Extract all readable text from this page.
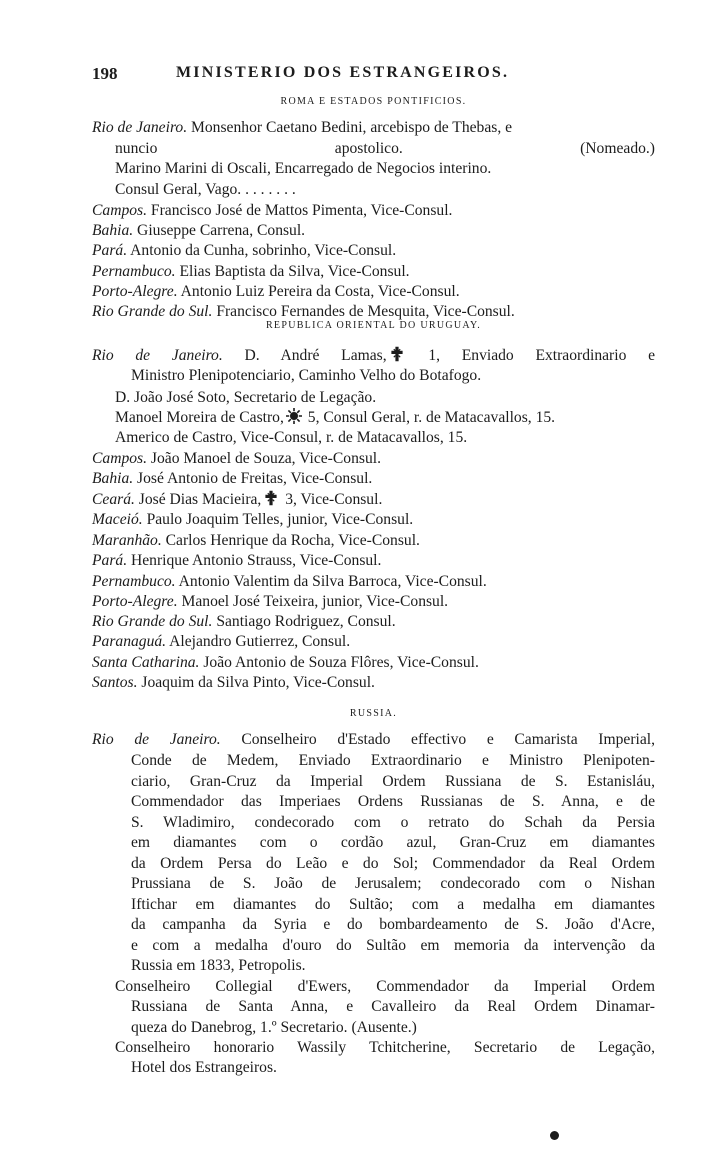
198	MINISTERIO DOS ESTRANGEIROS.
ROMA E ESTADOS PONTIFICIOS.
Rio de Janeiro. Monsenhor Caetano Bedini, arcebispo de Thebas, e
nuncio apostolico. (Nomeado.)
Marino Marini di Oscali, Encarregado de Negocios interino.
Consul Geral, Vago. . . . . . . .
Campos. Francisco José de Mattos Pimenta, Vice-Consul.
Bahia. Giuseppe Carrena, Consul.
Pará. Antonio da Cunha, sobrinho, Vice-Consul.
Pernambuco. Elias Baptista da Silva, Vice-Consul.
Porto-Alegre. Antonio Luiz Pereira da Costa, Vice-Consul.
Rio Grande do Sul. Francisco Fernandes de Mesquita, Vice-Consul.
REPUBLICA ORIENTAL DO URUGUAY.
Rio de Janeiro. D. André Lamas, 1, Enviado Extraordinario e
Ministro Plenipotenciario, Caminho Velho do Botafogo.
D. João José Soto, Secretario de Legação.
Manoel Moreira de Castro, 5, Consul Geral, r. de Matacavallos, 15.
Americo de Castro, Vice-Consul, r. de Matacavallos, 15.
Campos. João Manoel de Souza, Vice-Consul.
Bahia. José Antonio de Freitas, Vice-Consul.
Ceará. José Dias Macieira, 3, Vice-Consul.
Maceió. Paulo Joaquim Telles, junior, Vice-Consul.
Maranhão. Carlos Henrique da Rocha, Vice-Consul.
Pará. Henrique Antonio Strauss, Vice-Consul.
Pernambuco. Antonio Valentim da Silva Barroca, Vice-Consul.
Porto-Alegre. Manoel José Teixeira, junior, Vice-Consul.
Rio Grande do Sul. Santiago Rodriguez, Consul.
Paranaguá. Alejandro Gutierrez, Consul.
Santa Catharina. João Antonio de Souza Flôres, Vice-Consul.
Santos. Joaquim da Silva Pinto, Vice-Consul.
RUSSIA.
Rio de Janeiro. Conselheiro d'Estado effectivo e Camarista Imperial,
Conde de Medem, Enviado Extraordinario e Ministro Plenipoten-
ciario, Gran-Cruz da Imperial Ordem Russiana de S. Estanisláu,
Commendador das Imperiaes Ordens Russianas de S. Anna, e de
S. Wladimiro, condecorado com o retrato do Schah da Persia
em diamantes com o cordão azul, Gran-Cruz em diamantes
da Ordem Persa do Leão e do Sol; Commendador da Real Ordem
Prussiana de S. João de Jerusalem; condecorado com o Nishan
Iftichar em diamantes do Sultão; com a medalha em diamantes
da campanha da Syria e do bombardeamento de S. João d'Acre,
e com a medalha d'ouro do Sultão em memoria da intervenção da
Russia em 1833, Petropolis.
Conselheiro Collegial d'Ewers, Commendador da Imperial Ordem
Russiana de Santa Anna, e Cavalleiro da Real Ordem Dinamar-
queza do Danebrog, 1.º Secretario. (Ausente.)
Conselheiro honorario Wassily Tchitcherine, Secretario de Legação,
Hotel dos Estrangeiros.
